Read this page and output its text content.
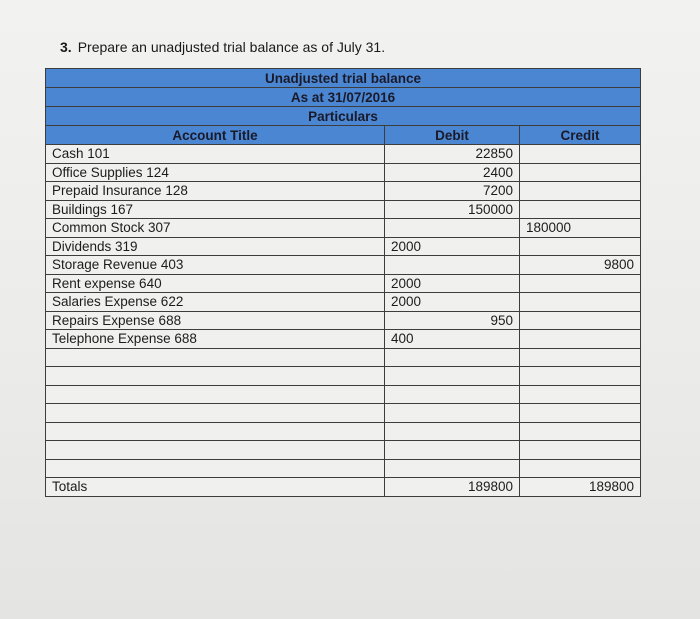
3. Prepare an unadjusted trial balance as of July 31.
Unadjusted trial balance		
As at 31/07/2016		
Particulars		
Account Title	Debit	Credit
Cash 101	22850	
Office Supplies 124	2400	
Prepaid Insurance 128	7200	
Buildings 167	150000	
Common Stock 307		180000
Dividends 319	2000	
Storage Revenue 403		9800
Rent expense 640	2000	
Salaries Expense 622	2000	
Repairs Expense 688	950	
Telephone Expense 688	400	

Totals	189800	189800
